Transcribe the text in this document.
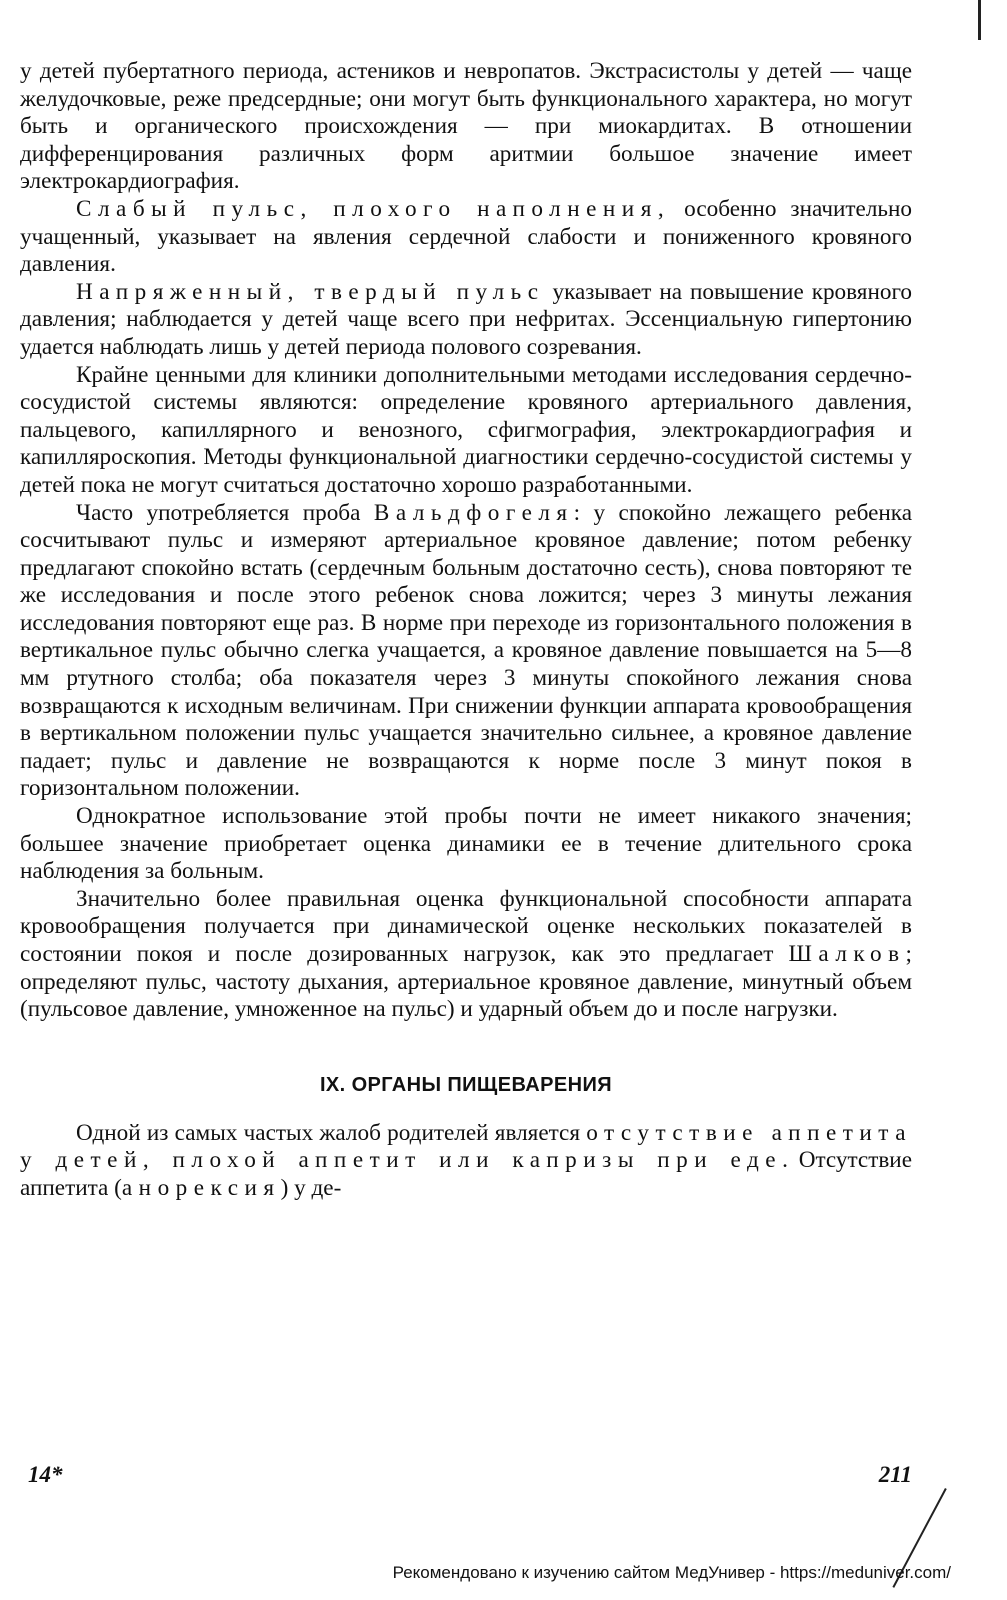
у детей пубертатного периода, астеников и невропатов. Экстрасистолы у детей — чаще желудочковые, реже предсердные; они могут быть функционального характера, но могут быть и органического происхождения — при миокардитах. В отношении дифференцирования различных форм аритмии большое значение имеет электрокардиография.

Слабый пульс, плохого наполнения, особенно значительно учащенный, указывает на явления сердечной слабости и пониженного кровяного давления.

Напряженный, твердый пульс указывает на повышение кровяного давления; наблюдается у детей чаще всего при нефритах. Эссенциальную гипертонию удается наблюдать лишь у детей периода полового созревания.

Крайне ценными для клиники дополнительными методами исследования сердечно-сосудистой системы являются: определение кровяного артериального давления, пальцевого, капиллярного и венозного, сфигмография, электрокардиография и капилляроскопия. Методы функциональной диагностики сердечно-сосудистой системы у детей пока не могут считаться достаточно хорошо разработанными.

Часто употребляется проба Вальдфогеля: у спокойно лежащего ребенка сосчитывают пульс и измеряют артериальное кровяное давление; потом ребенку предлагают спокойно встать (сердечным больным достаточно сесть), снова повторяют те же исследования и после этого ребенок снова ложится; через 3 минуты лежания исследования повторяют еще раз. В норме при переходе из горизонтального положения в вертикальное пульс обычно слегка учащается, а кровяное давление повышается на 5—8 мм ртутного столба; оба показателя через 3 минуты спокойного лежания снова возвращаются к исходным величинам. При снижении функции аппарата кровообращения в вертикальном положении пульс учащается значительно сильнее, а кровяное давление падает; пульс и давление не возвращаются к норме после 3 минут покоя в горизонтальном положении.

Однократное использование этой пробы почти не имеет никакого значения; большее значение приобретает оценка динамики ее в течение длительного срока наблюдения за больным.

Значительно более правильная оценка функциональной способности аппарата кровообращения получается при динамической оценке нескольких показателей в состоянии покоя и после дозированных нагрузок, как это предлагает Шалков; определяют пульс, частоту дыхания, артериальное кровяное давление, минутный объем (пульсовое давление, умноженное на пульс) и ударный объем до и после нагрузки.

IX. ОРГАНЫ ПИЩЕВАРЕНИЯ

Одной из самых частых жалоб родителей является отсутствие аппетита у детей, плохой аппетит или капризы при еде. Отсутствие аппетита (анорексия) у де-

14*	211
Рекомендовано к изучению сайтом МедУнивер - https://meduniver.com/
